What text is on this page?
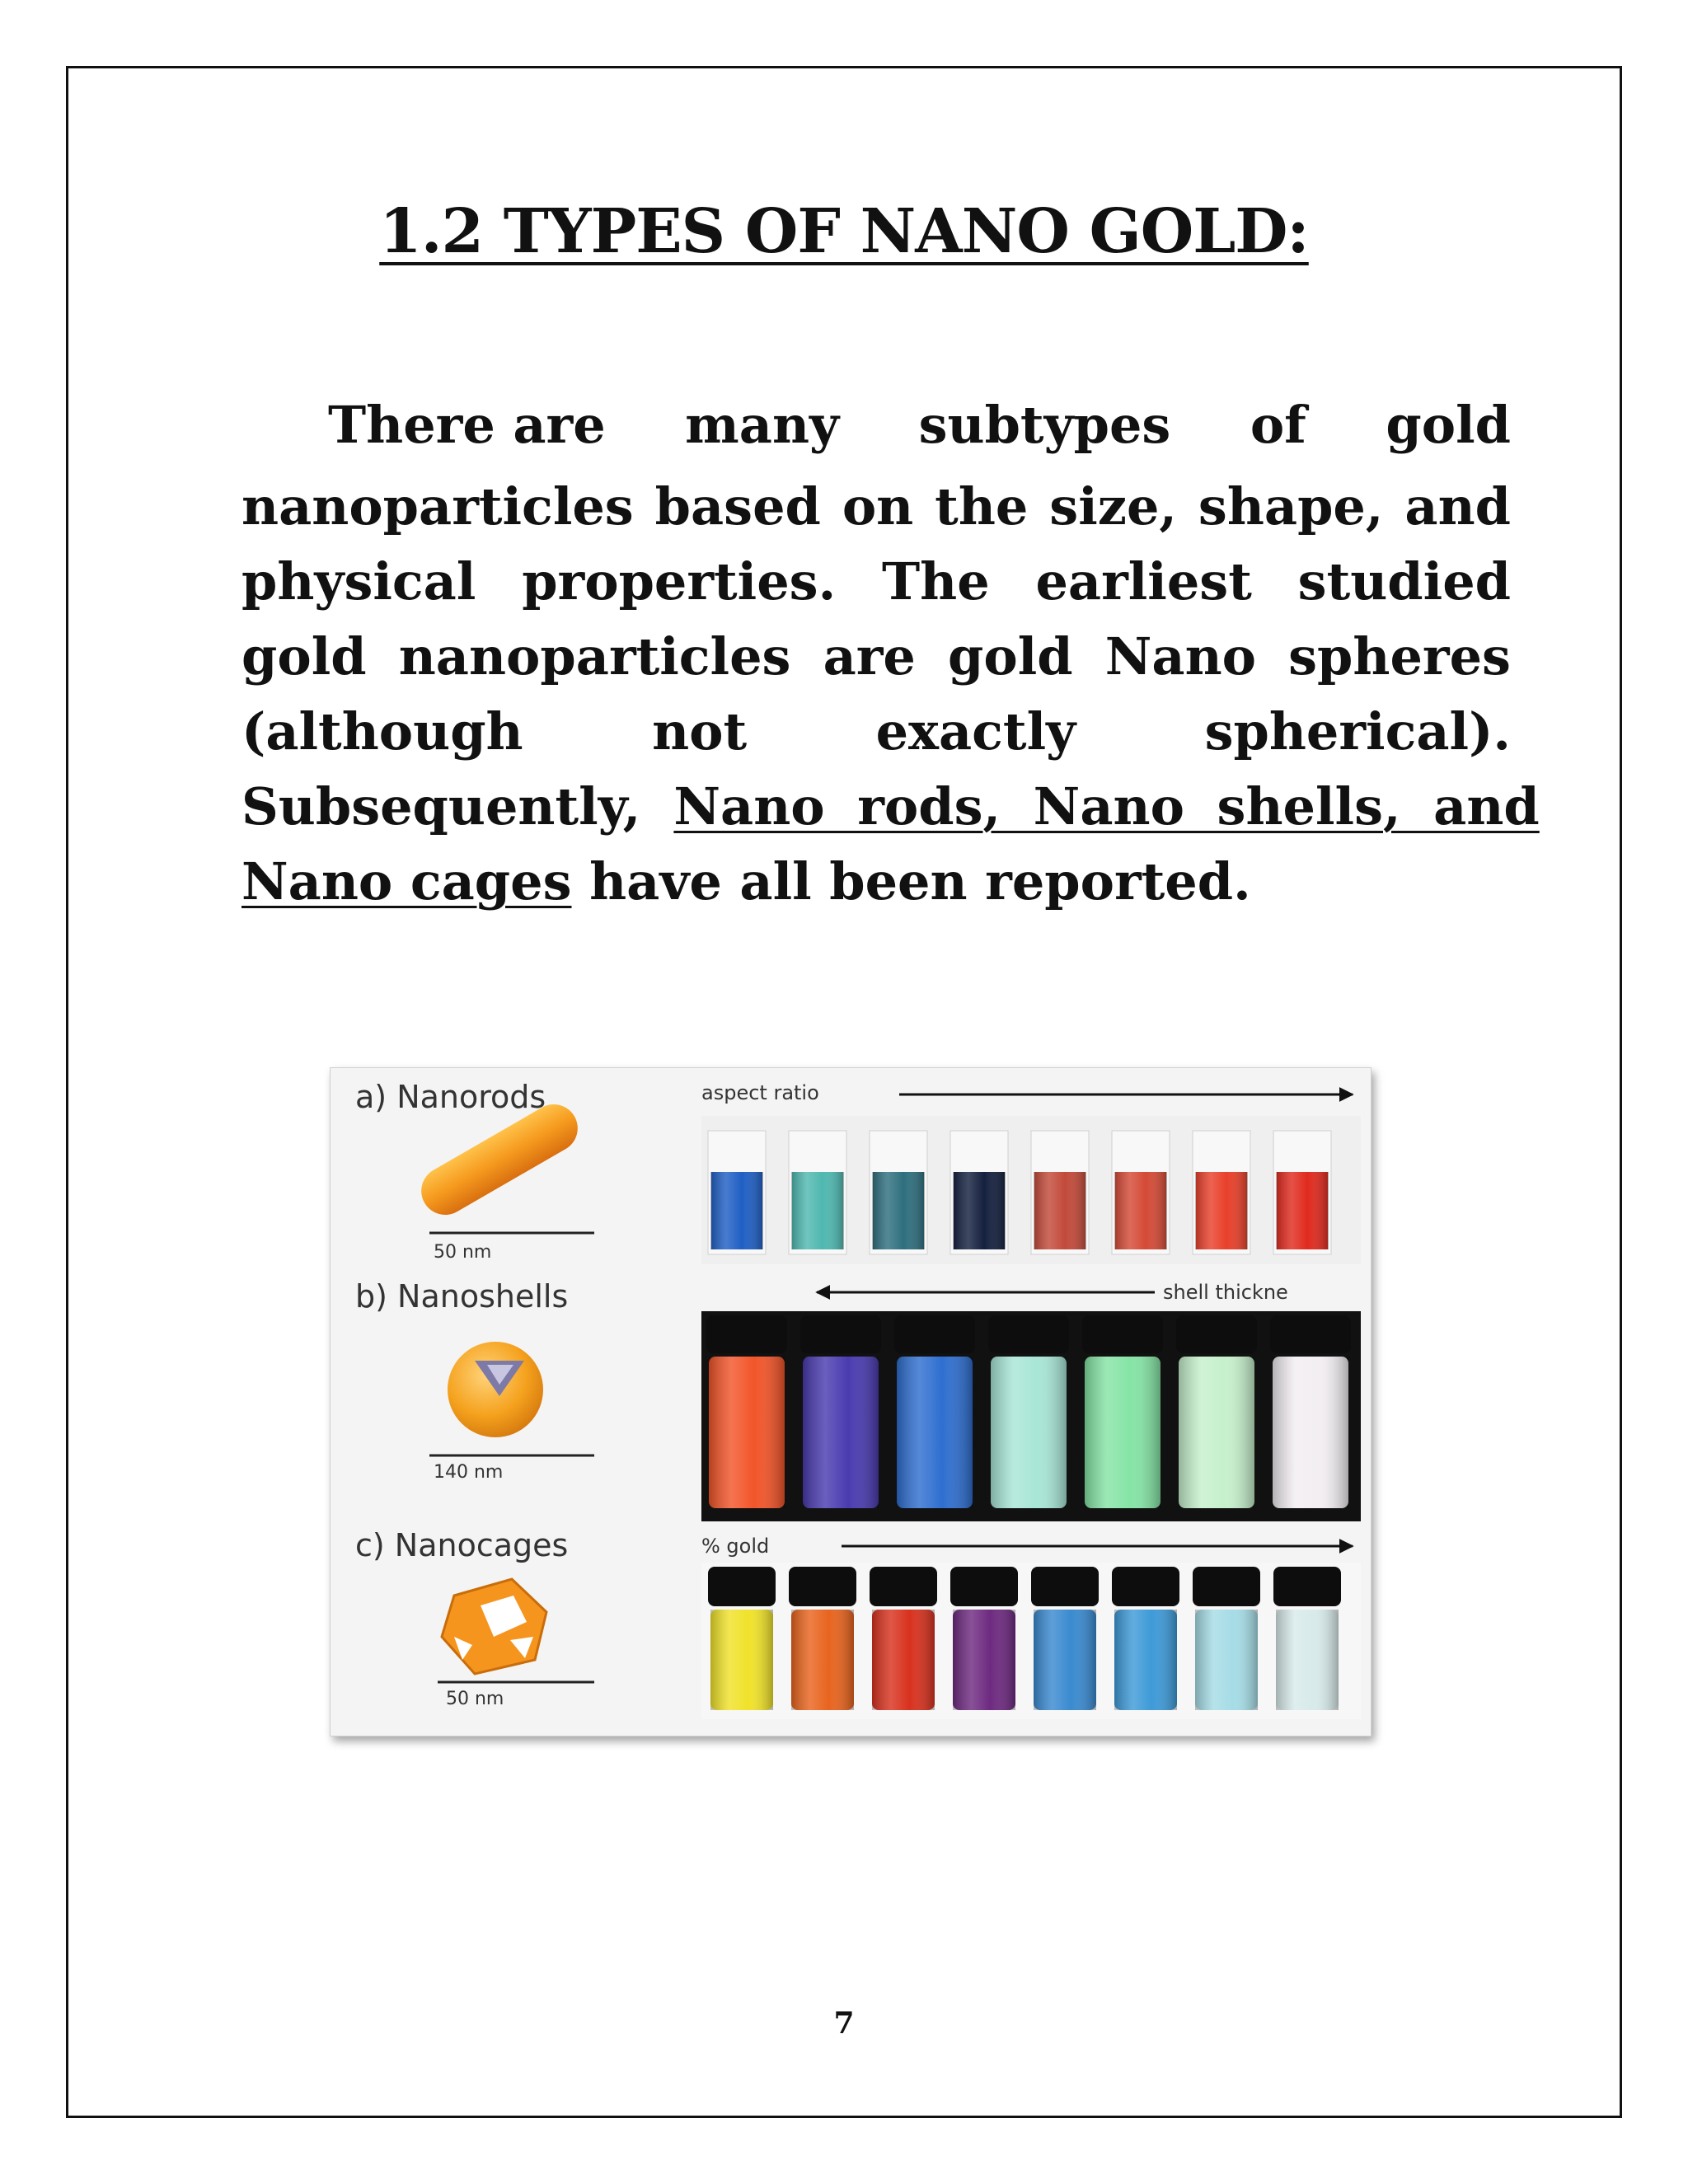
1.2 TYPES OF NANO GOLD:
There are many subtypes of gold
nanoparticles based on the size, shape, and
physical properties. The earliest studied
gold nanoparticles are gold Nano spheres
(although	not	exactly	spherical).
Subsequently, Nano rods, Nano shells, and
Nano cages have all been reported.
a) Nanorods
50 nm
aspect ratio
b) Nanoshells
140 nm
shell thickne
c) Nanocages
50 nm
% gold
7
